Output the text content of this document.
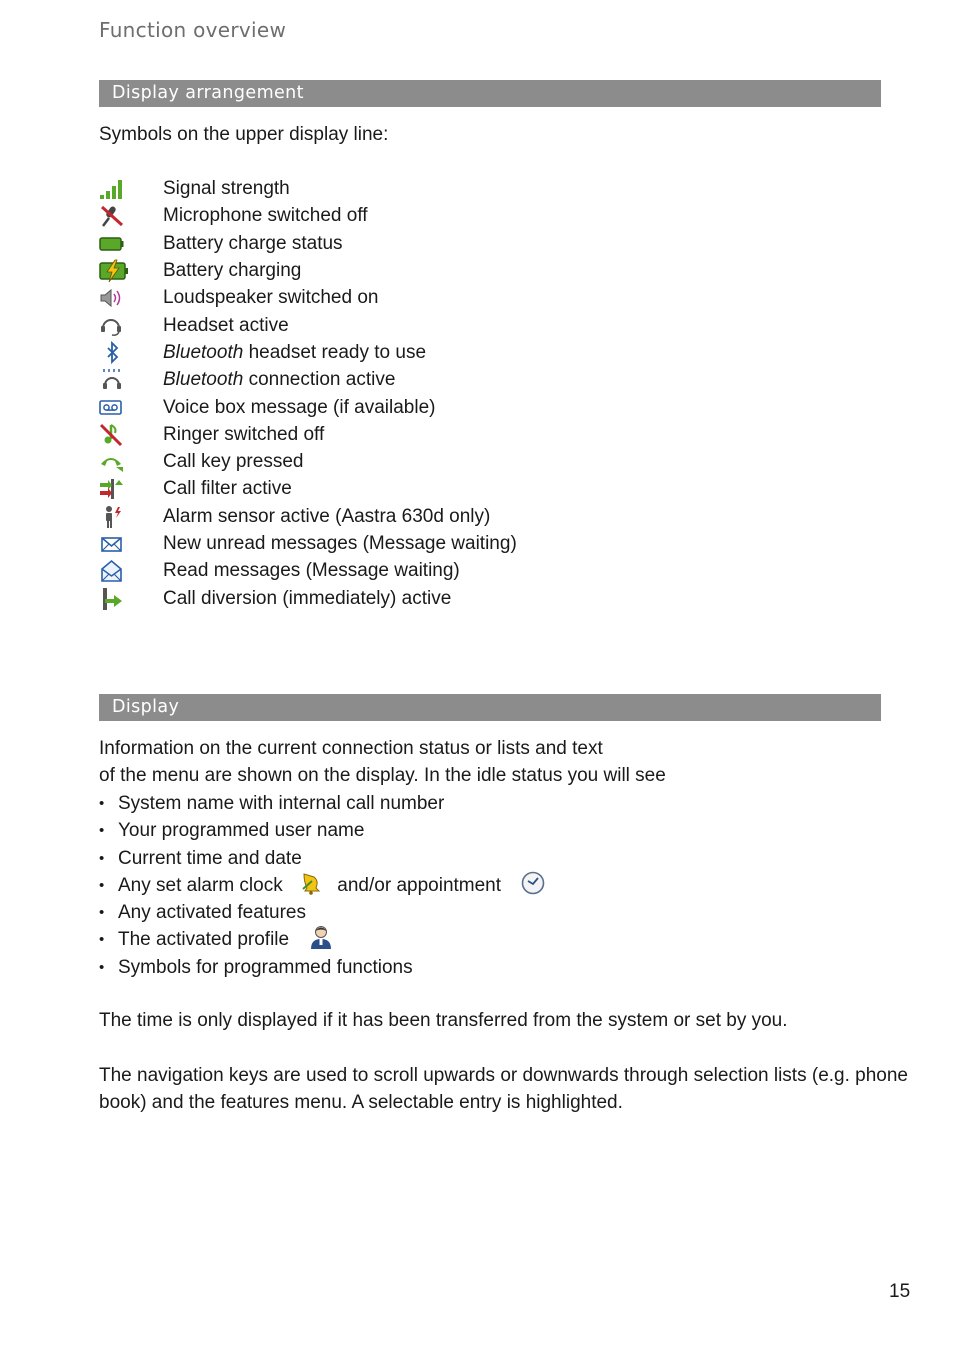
Function overview
Display arrangement
Symbols on the upper display line:
Signal strength
Microphone switched off
Battery charge status
Battery charging
Loudspeaker switched on
Headset active
Bluetooth headset ready to use
Bluetooth connection active
Voice box message (if available)
Ringer switched off
Call key pressed
Call filter active
Alarm sensor active (Aastra 630d only)
New unread messages (Message waiting)
Read messages (Message waiting)
Call diversion (immediately) active
Display
Information on the current connection status or lists and text
of the menu are shown on the display. In the idle status you will see
• System name with internal call number
• Your programmed user name
• Current time and date
• Any set alarm clock	and/or appointment
• Any activated features
• The activated profile
• Symbols for programmed functions
The time is only displayed if it has been transferred from the system or set by you.
The navigation keys are used to scroll upwards or downwards through selection lists (e.g. phone
book) and the features menu. A selectable entry is highlighted.
15
